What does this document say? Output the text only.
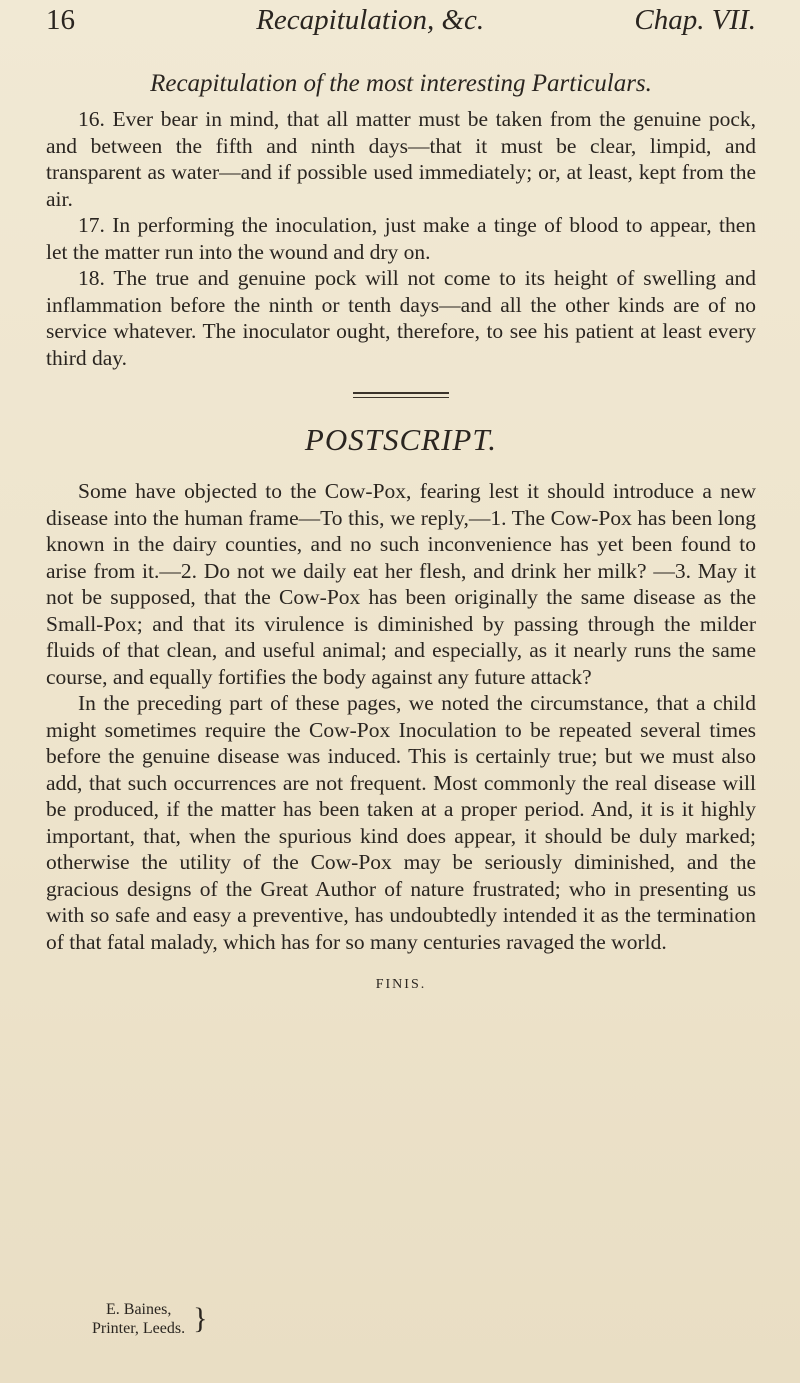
16	Recapitulation, &c.	Chap. VII.
Recapitulation of the most interesting Particulars.

16. Ever bear in mind, that all matter must be taken from the genuine pock, and between the fifth and ninth days—that it must be clear, limpid, and transparent as water—and if possible used immediately; or, at least, kept from the air.

17. In performing the inoculation, just make a tinge of blood to appear, then let the matter run into the wound and dry on.

18. The true and genuine pock will not come to its height of swelling and inflammation before the ninth or tenth days—and all the other kinds are of no service whatever. The inoculator ought, therefore, to see his patient at least every third day.

POSTSCRIPT.

Some have objected to the Cow-Pox, fearing lest it should introduce a new disease into the human frame—To this, we reply,—1. The Cow-Pox has been long known in the dairy counties, and no such inconvenience has yet been found to arise from it.—2. Do not we daily eat her flesh, and drink her milk? —3. May it not be supposed, that the Cow-Pox has been originally the same disease as the Small-Pox; and that its virulence is diminished by passing through the milder fluids of that clean, and useful animal; and especially, as it nearly runs the same course, and equally fortifies the body against any future attack?

In the preceding part of these pages, we noted the circumstance, that a child might sometimes require the Cow-Pox Inoculation to be repeated several times before the genuine disease was induced. This is certainly true; but we must also add, that such occurrences are not frequent. Most commonly the real disease will be produced, if the matter has been taken at a proper period. And, it is it highly important, that, when the spurious kind does appear, it should be duly marked; otherwise the utility of the Cow-Pox may be seriously diminished, and the gracious designs of the Great Author of nature frustrated; who in presenting us with so safe and easy a preventive, has undoubtedly intended it as the termination of that fatal malady, which has for so many centuries ravaged the world.

FINIS.
E. Baines,
Printer, Leeds. }
